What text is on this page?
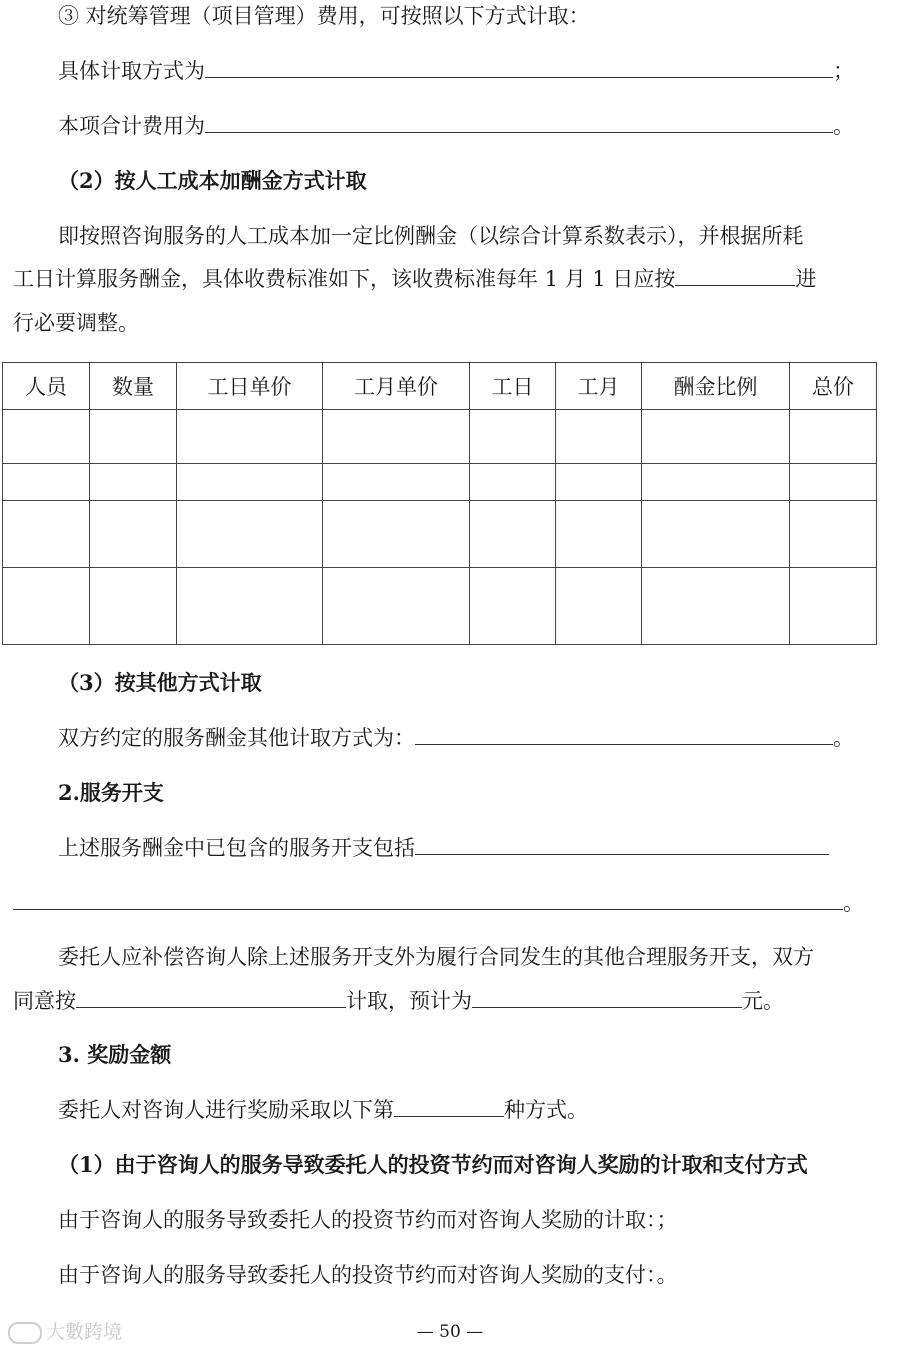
③ 对统筹管理（项目管理）费用，可按照以下方式计取：
具体计取方式为	；
本项合计费用为	。
（2）按人工成本加酬金方式计取
即按照咨询服务的人工成本加一定比例酬金（以综合计算系数表示），并根据所耗
工日计算服务酬金，具体收费标准如下，该收费标准每年 1 月 1 日应按	进
行必要调整。
人员	数量	工日单价	工月单价	工日	工月	酬金比例	总价

（3）按其他方式计取
双方约定的服务酬金其他计取方式为：	。
2.服务开支
上述服务酬金中已包含的服务开支包括
。
委托人应补偿咨询人除上述服务开支外为履行合同发生的其他合理服务开支，双方
同意按	计取，预计为	元。
3. 奖励金额
委托人对咨询人进行奖励采取以下第	种方式。
（1）由于咨询人的服务导致委托人的投资节约而对咨询人奖励的计取和支付方式
由于咨询人的服务导致委托人的投资节约而对咨询人奖励的计取：；
由于咨询人的服务导致委托人的投资节约而对咨询人奖励的支付：。
— 50 —
大數跨境
